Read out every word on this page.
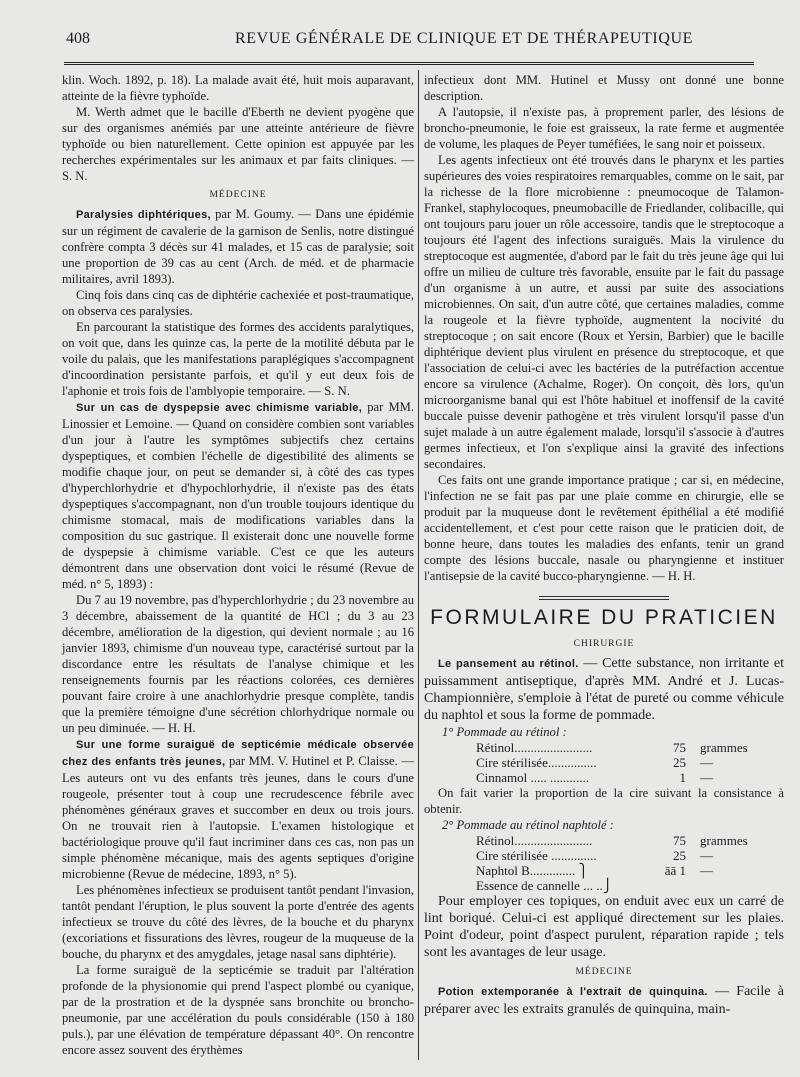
408	REVUE GÉNÉRALE DE CLINIQUE ET DE THÉRAPEUTIQUE

klin. Woch. 1892, p. 18). La malade avait été, huit mois auparavant, atteinte de la fièvre typhoïde.

M. Werth admet que le bacille d'Eberth ne devient pyogène que sur des organismes anémiés par une atteinte antérieure de fièvre typhoïde ou bien naturellement. Cette opinion est appuyée par les recherches expérimentales sur les animaux et par faits cliniques. — S. N.

MÉDECINE

Paralysies diphtériques, par M. Goumy. — Dans une épidémie sur un régiment de cavalerie de la garnison de Senlis, notre distingué confrère compta 3 décès sur 41 malades, et 15 cas de paralysie; soit une proportion de 39 cas au cent (Arch. de méd. et de pharmacie militaires, avril 1893).

Cinq fois dans cinq cas de diphtérie cachexiée et post-traumatique, on observa ces paralysies.

En parcourant la statistique des formes des accidents paralytiques, on voit que, dans les quinze cas, la perte de la motilité débuta par le voile du palais, que les manifestations paraplégiques s'accompagnent d'incoordination persistante parfois, et qu'il y eut deux fois de l'aphonie et trois fois de l'amblyopie temporaire. — S. N.

Sur un cas de dyspepsie avec chimisme variable, par MM. Linossier et Lemoine. — Quand on considère combien sont variables d'un jour à l'autre les symptômes subjectifs chez certains dyspeptiques, et combien l'échelle de digestibilité des aliments se modifie chaque jour, on peut se demander si, à côté des cas types d'hyperchlorhydrie et d'hypochlorhydrie, il n'existe pas des états dyspeptiques s'accompagnant, non d'un trouble toujours identique du chimisme stomacal, mais de modifications variables dans la composition du suc gastrique. Il existerait donc une nouvelle forme de dyspepsie à chimisme variable. C'est ce que les auteurs démontrent dans une observation dont voici le résumé (Revue de méd. n° 5, 1893) :

Du 7 au 19 novembre, pas d'hyperchlorhydrie ; du 23 novembre au 3 décembre, abaissement de la quantité de HCl ; du 3 au 23 décembre, amélioration de la digestion, qui devient normale ; au 16 janvier 1893, chimisme d'un nouveau type, caractérisé surtout par la discordance entre les résultats de l'analyse chimique et les renseignements fournis par les réactions colorées, ces dernières pouvant faire croire à une anachlorhydrie presque complète, tandis que la première témoigne d'une sécrétion chlorhydrique normale ou un peu diminuée. — H. H.

Sur une forme suraiguë de septicémie médicale observée chez des enfants très jeunes, par MM. V. Hutinel et P. Claisse. — Les auteurs ont vu des enfants très jeunes, dans le cours d'une rougeole, présenter tout à coup une recrudescence fébrile avec phénomènes généraux graves et succomber en deux ou trois jours. On ne trouvait rien à l'autopsie. L'examen histologique et bactériologique prouve qu'il faut incriminer dans ces cas, non pas un simple phénomène mécanique, mais des agents septiques d'origine microbienne (Revue de médecine, 1893, n° 5).

Les phénomènes infectieux se produisent tantôt pendant l'invasion, tantôt pendant l'éruption, le plus souvent la porte d'entrée des agents infectieux se trouve du côté des lèvres, de la bouche et du pharynx (excoriations et fissurations des lèvres, rougeur de la muqueuse de la bouche, du pharynx et des amygdales, jetage nasal sans diphtérie).

La forme suraiguë de la septicémie se traduit par l'altération profonde de la physionomie qui prend l'aspect plombé ou cyanique, par de la prostration et de la dyspnée sans bronchite ou broncho-pneumonie, par une accélération du pouls considérable (150 à 180 puls.), par une élévation de température dépassant 40°. On rencontre encore assez souvent des érythèmes

infectieux dont MM. Hutinel et Mussy ont donné une bonne description.

A l'autopsie, il n'existe pas, à proprement parler, des lésions de broncho-pneumonie, le foie est graisseux, la rate ferme et augmentée de volume, les plaques de Peyer tuméfiées, le sang noir et poisseux.

Les agents infectieux ont été trouvés dans le pharynx et les parties supérieures des voies respiratoires remarquables, comme on le sait, par la richesse de la flore microbienne : pneumocoque de Talamon-Frankel, staphylocoques, pneumobacille de Friedlander, colibacille, qui ont toujours paru jouer un rôle accessoire, tandis que le streptocoque a toujours été l'agent des infections suraiguës. Mais la virulence du streptocoque est augmentée, d'abord par le fait du très jeune âge qui lui offre un milieu de culture très favorable, ensuite par le fait du passage d'un organisme à un autre, et aussi par suite des associations microbiennes. On sait, d'un autre côté, que certaines maladies, comme la rougeole et la fièvre typhoïde, augmentent la nocivité du streptocoque ; on sait encore (Roux et Yersin, Barbier) que le bacille diphtérique devient plus virulent en présence du streptocoque, et que l'association de celui-ci avec les bactéries de la putréfaction accentue encore sa virulence (Achalme, Roger). On conçoit, dès lors, qu'un microorganisme banal qui est l'hôte habituel et inoffensif de la cavité buccale puisse devenir pathogène et très virulent lorsqu'il passe d'un sujet malade à un autre également malade, lorsqu'il s'associe à d'autres germes infectieux, et l'on s'explique ainsi la gravité des infections secondaires.

Ces faits ont une grande importance pratique ; car si, en médecine, l'infection ne se fait pas par une plaie comme en chirurgie, elle se produit par la muqueuse dont le revêtement épithélial a été modifié accidentellement, et c'est pour cette raison que le praticien doit, de bonne heure, dans toutes les maladies des enfants, tenir un grand compte des lésions buccale, nasale ou pharyngienne et instituer l'antisepsie de la cavité bucco-pharyngienne. — H. H.

FORMULAIRE DU PRATICIEN
CHIRURGIE

Le pansement au rétinol. — Cette substance, non irritante et puissamment antiseptique, d'après MM. André et J. Lucas-Championnière, s'emploie à l'état de pureté ou comme véhicule du naphtol et sous la forme de pommade.

1° Pommade au rétinol :

Rétinol........................	75	grammes
Cire stérilisée...............	25	—
Cinnamol ..... ............	1	—

On fait varier la proportion de la cire suivant la consistance à obtenir.

2° Pommade au rétinol naphtolé :

Rétinol........................	75	grammes
Cire stérilisée ..............	25	—
Naphtol B.............. ⎫	āā 1	—
Essence de cannelle ... ..⎭

Pour employer ces topiques, on enduit avec eux un carré de lint boriqué. Celui-ci est appliqué directement sur les plaies. Point d'odeur, point d'aspect purulent, réparation rapide ; tels sont les avantages de leur usage.

MÉDECINE

Potion extemporanée à l'extrait de quinquina. — Facile à préparer avec les extraits granulés de quinquina, main-
